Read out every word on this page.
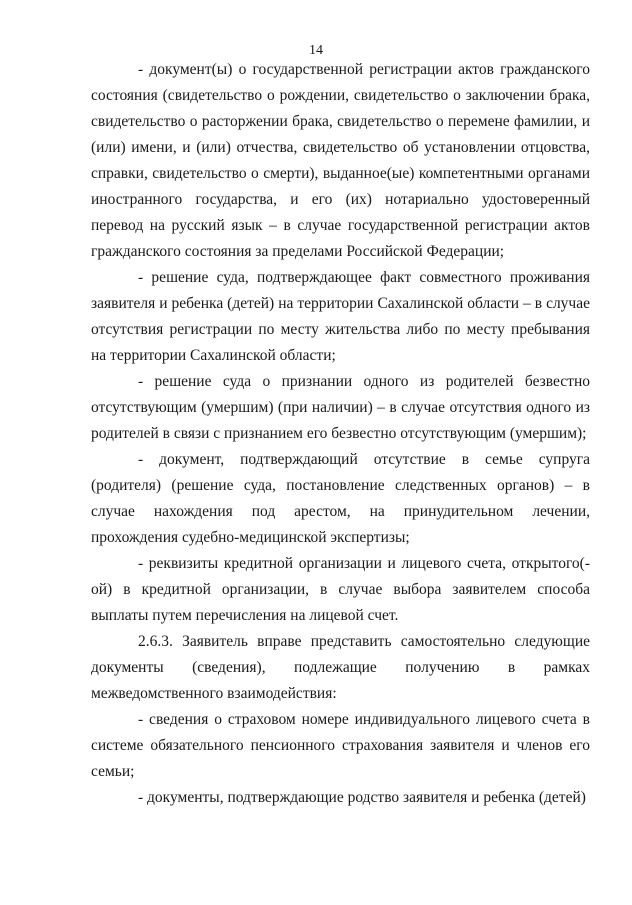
14

- документ(ы) о государственной регистрации актов гражданского состояния (свидетельство о рождении, свидетельство о заключении брака, свидетельство о расторжении брака, свидетельство о перемене фамилии, и (или) имени, и (или) отчества, свидетельство об установлении отцовства, справки, свидетельство о смерти), выданное(ые) компетентными органами иностранного государства, и его (их) нотариально удостоверенный перевод на русский язык – в случае государственной регистрации актов гражданского состояния за пределами Российской Федерации;

- решение суда, подтверждающее факт совместного проживания заявителя и ребенка (детей) на территории Сахалинской области – в случае отсутствия регистрации по месту жительства либо по месту пребывания на территории Сахалинской области;

- решение суда о признании одного из родителей безвестно отсутствующим (умершим) (при наличии) – в случае отсутствия одного из родителей в связи с признанием его безвестно отсутствующим (умершим);

- документ, подтверждающий отсутствие в семье супруга (родителя) (решение суда, постановление следственных органов) – в случае нахождения под арестом, на принудительном лечении, прохождения судебно-медицинской экспертизы;

- реквизиты кредитной организации и лицевого счета, открытого(-ой) в кредитной организации, в случае выбора заявителем способа выплаты путем перечисления на лицевой счет.

2.6.3. Заявитель вправе представить самостоятельно следующие документы (сведения), подлежащие получению в рамках межведомственного взаимодействия:

- сведения о страховом номере индивидуального лицевого счета в системе обязательного пенсионного страхования заявителя и членов его семьи;

- документы, подтверждающие родство заявителя и ребенка (детей)
